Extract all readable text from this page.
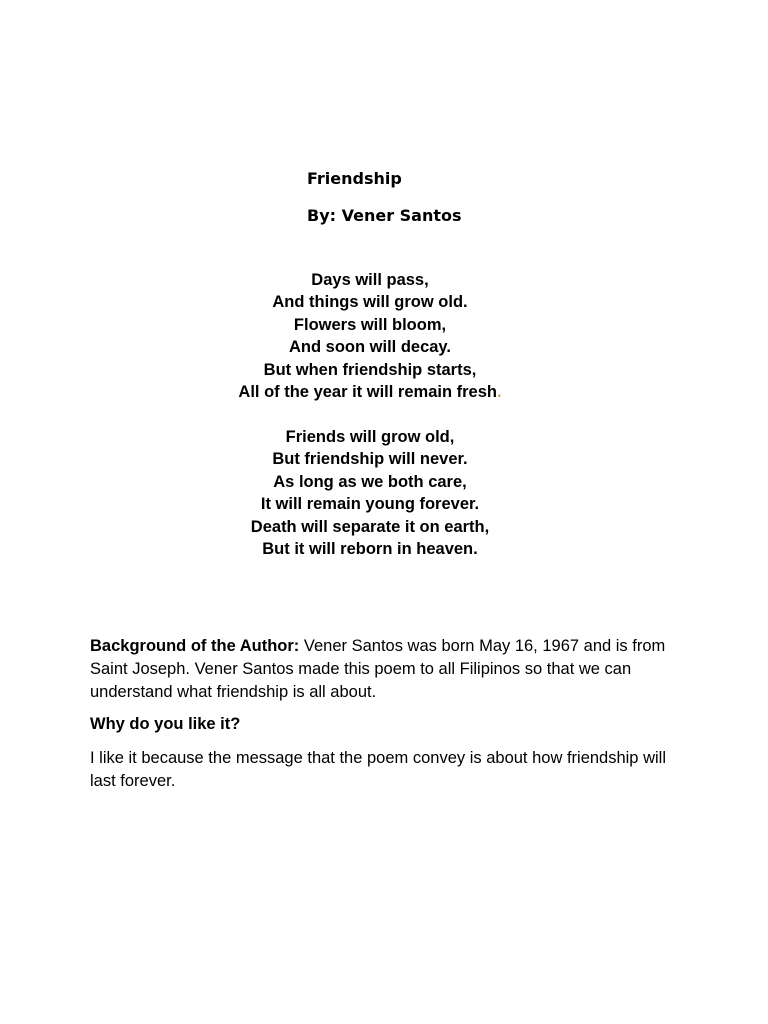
Friendship
By: Vener Santos
Days will pass,
And things will grow old.
Flowers will bloom,
And soon will decay.
But when friendship starts,
All of the year it will remain fresh.
Friends will grow old,
But friendship will never.
As long as we both care,
It will remain young forever.
Death will separate it on earth,
But it will reborn in heaven.
Background of the Author: Vener Santos was born May 16, 1967 and is from Saint Joseph. Vener Santos made this poem to all Filipinos so that we can understand what friendship is all about.
Why do you like it?
I like it because the message that the poem convey is about how friendship will last forever.
